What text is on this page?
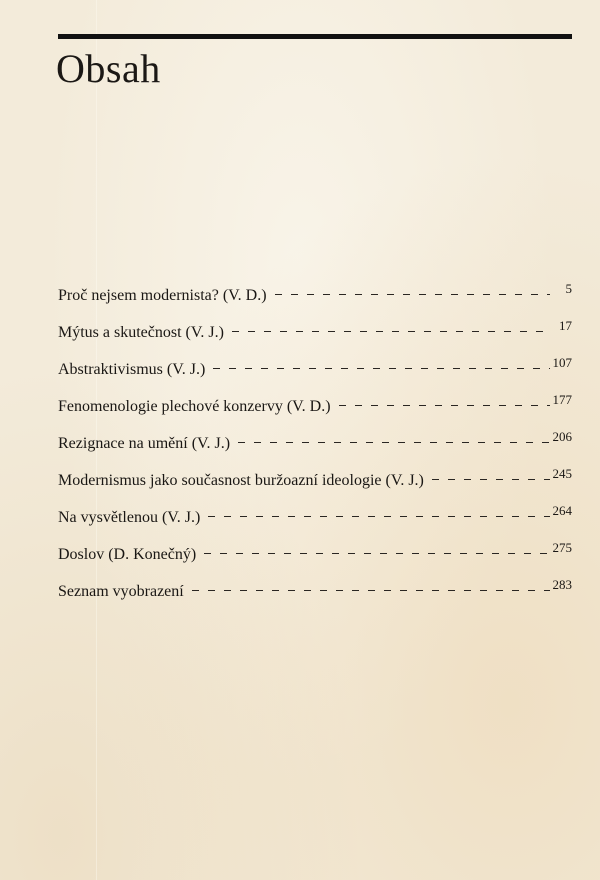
Obsah
Proč nejsem modernista? (V. D.)	5
Mýtus a skutečnost (V. J.)	17
Abstraktivismus (V. J.)	107
Fenomenologie plechové konzervy (V. D.)	177
Rezignace na umění (V. J.)	206
Modernismus jako současnost buržoazní ideologie (V. J.)	245
Na vysvětlenou (V. J.)	264
Doslov (D. Konečný)	275
Seznam vyobrazení	283
